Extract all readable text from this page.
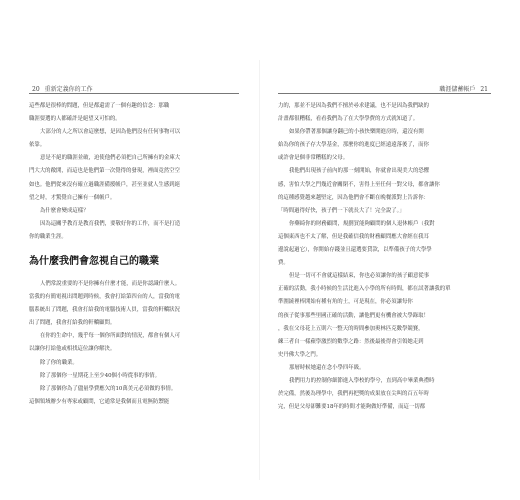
20 重新定義你的工作

這些都是很棒的問題，但是都還需了一個有趣的信念：那職

職涯要選的人都確許是絕望又可怕的。

大部分的人之所以會這麼想，是因為他們沒有任何事物可以

依靠。

意是不絕的職涯並破，迫使他們必須把自己所擁有的金庫大

門大大的敞開，而這也是他們第一次覺得的發現，裡面竟然空空

如也。他們從來沒有確立過職涯備援帳戶，甚至並就人生感到絕

望之時，才驚覺自己擁有一個帳戶。

為什麼會變成這樣？

因為這關乎教育是教育我們，要敬好你的工作，而不是打造

你的職業生涯。

為什麼我們會忽視自己的職業

人們常說重要的不是你擁有什麼才能，而是你認識什麼人。

當我的有簡電視出問題到時候，我會打給第四台的人，當我的電

腦系統出了問題，我會打給我的電腦技術人員，當我的軒轎狀況

出了問題，我會打給我的軒轎顧問。

在你的生命中，幾乎每一個你所面對的情況，都會有個人可

以讓你打給他或相找這位讓你解決。

除了你的職業。

除了那個你一星期花上至少40個小時從事的事情。

除了那個你為了儘量學費應欠的10萬美元必須做的事情。

這個領域辦少有專家或顧問，它通常是我個而且電無防禦能

職涯儲蓄帳戶 21

力的，那並不是因為我們不擅於尋求建議，也不是因為我們缺的

計畫都很糟糕，看看我們為了在大學學費的方式就知道了。

如果你帶著那個讓身翻已的小孩快樂開進房時，還沒有開

始為你的孩子存大學基金，那麼你的進度已經遠遠落後了，而你

或許會是個非常糟糕的父母。

我他們出現孩子前內的那一刻開始，你就會出現美大的恐懼

感，害怕大學之門幾近會關閉不，害得上至任何一對父母，都會讓你

的這種感覺越來越堅定，因為他們會不斷在晚餐派對上告訴你：

「時間過得好快，孩子們一下就長大了！完全說了。」

你藥綺你的財務顧問，規劃買能夠顧問的個人退休帳戶（我對

這個東西也不太了解，但是我確信我的財務顧問應大會經在我耳

邊說起過它），你開始存錢並且還選要貸款，以準備孩子的大學學

費。

但是一切可不會就這樣結束，你也必須讓你的孩子顧意從事

正確的活動，我小時候的生活比進入小學的所有時間，都在試著讓我的單

準圍繞裡棒開始有種有角的土，可是現在，你必須讓每你

的孩子從事那些里國正確的活動，讓他們更有機會被大學錄取！

，我在父母花上五則六一整天的時間參加奧林匹克數學競賽，

練三者自一樣蘋學激烈的數學之路：然後最後得會引領她走到

史丹佛大學之門。

那層時候她還在念小學四年級。

我們用力的控制你細節進入學校的學兮，直到高中畢業典禮時

於完備，然後為理學中，我們再把獎的成果放在尖叫的百五年時

完，但是父母卻難要18年的時間才能夠做好準備，而這一切都
